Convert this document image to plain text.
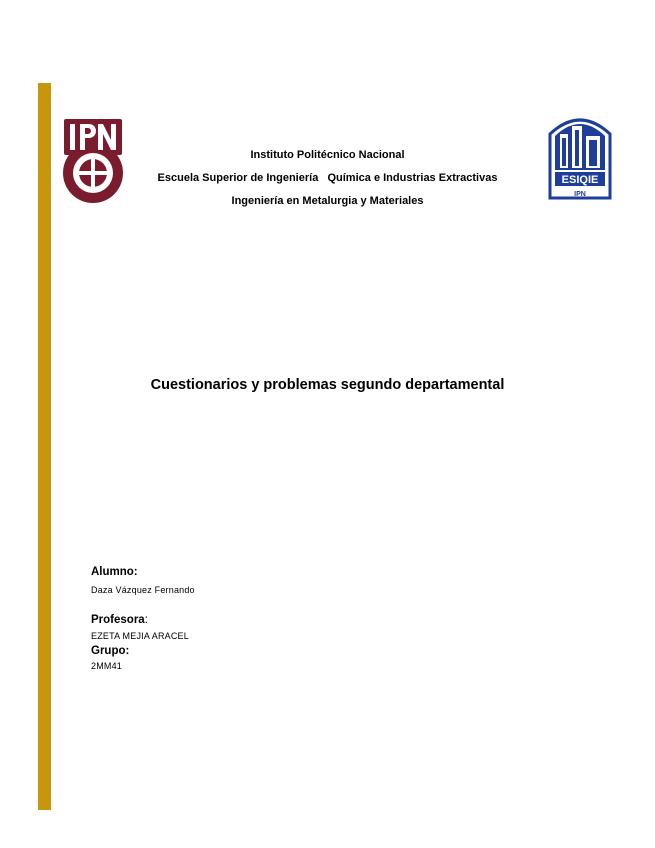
Instituto Politécnico Nacional
Escuela Superior de Ingeniería   Química e Industrias Extractivas
Ingeniería en Metalurgia y Materiales
ESIQIE
IPN
Cuestionarios y problemas segundo departamental
Alumno:
Daza Vázquez Fernando
Profesora:
EZETA MEJIA ARACEL
Grupo:
2MM41
